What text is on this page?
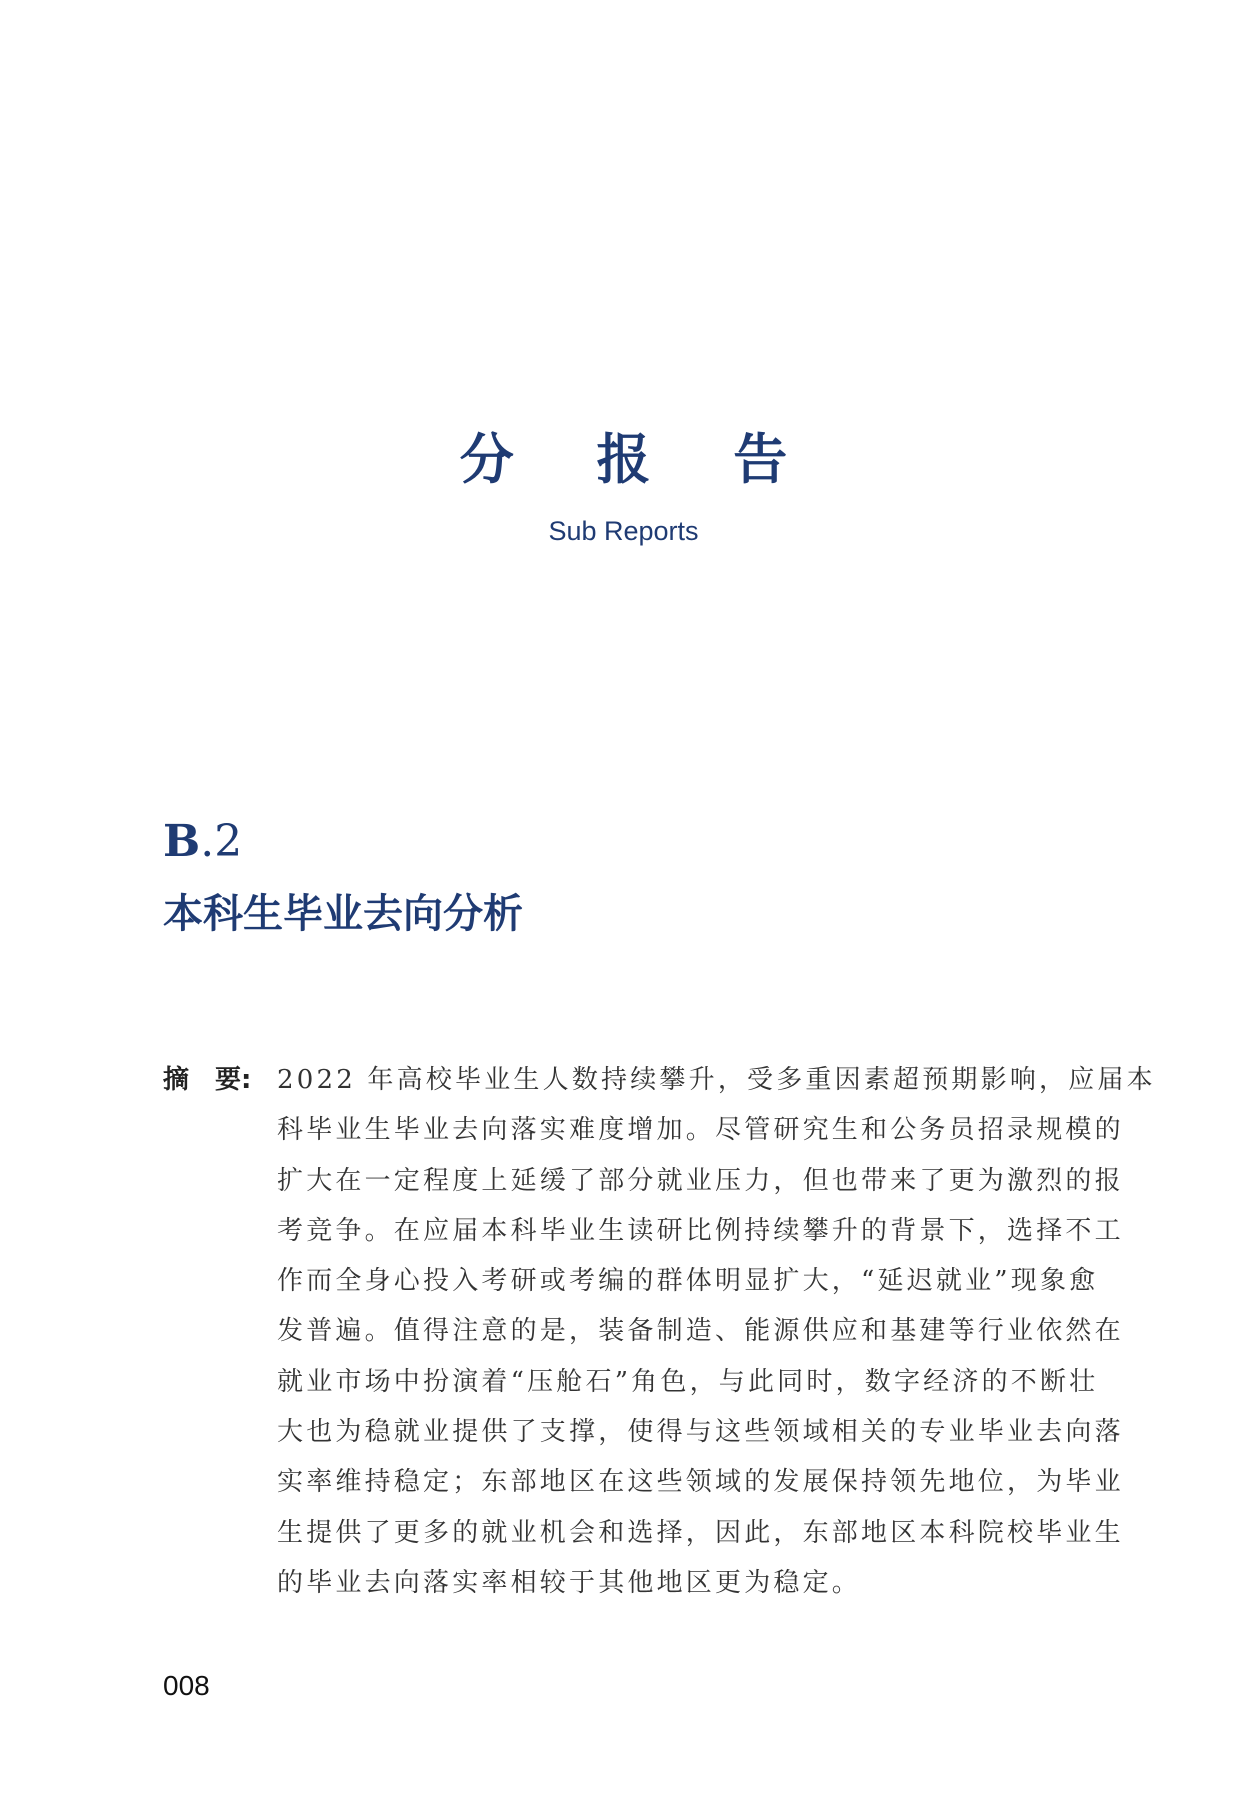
分 报 告
Sub Reports
B.2
本科生毕业去向分析
摘　要: 2022 年高校毕业生人数持续攀升，受多重因素超预期影响，应届本
科毕业生毕业去向落实难度增加。尽管研究生和公务员招录规模的
扩大在一定程度上延缓了部分就业压力，但也带来了更为激烈的报
考竞争。在应届本科毕业生读研比例持续攀升的背景下，选择不工
作而全身心投入考研或考编的群体明显扩大，“延迟就业”现象愈
发普遍。值得注意的是，装备制造、能源供应和基建等行业依然在
就业市场中扮演着“压舱石”角色，与此同时，数字经济的不断壮
大也为稳就业提供了支撑，使得与这些领域相关的专业毕业去向落
实率维持稳定；东部地区在这些领域的发展保持领先地位，为毕业
生提供了更多的就业机会和选择，因此，东部地区本科院校毕业生
的毕业去向落实率相较于其他地区更为稳定。
008
